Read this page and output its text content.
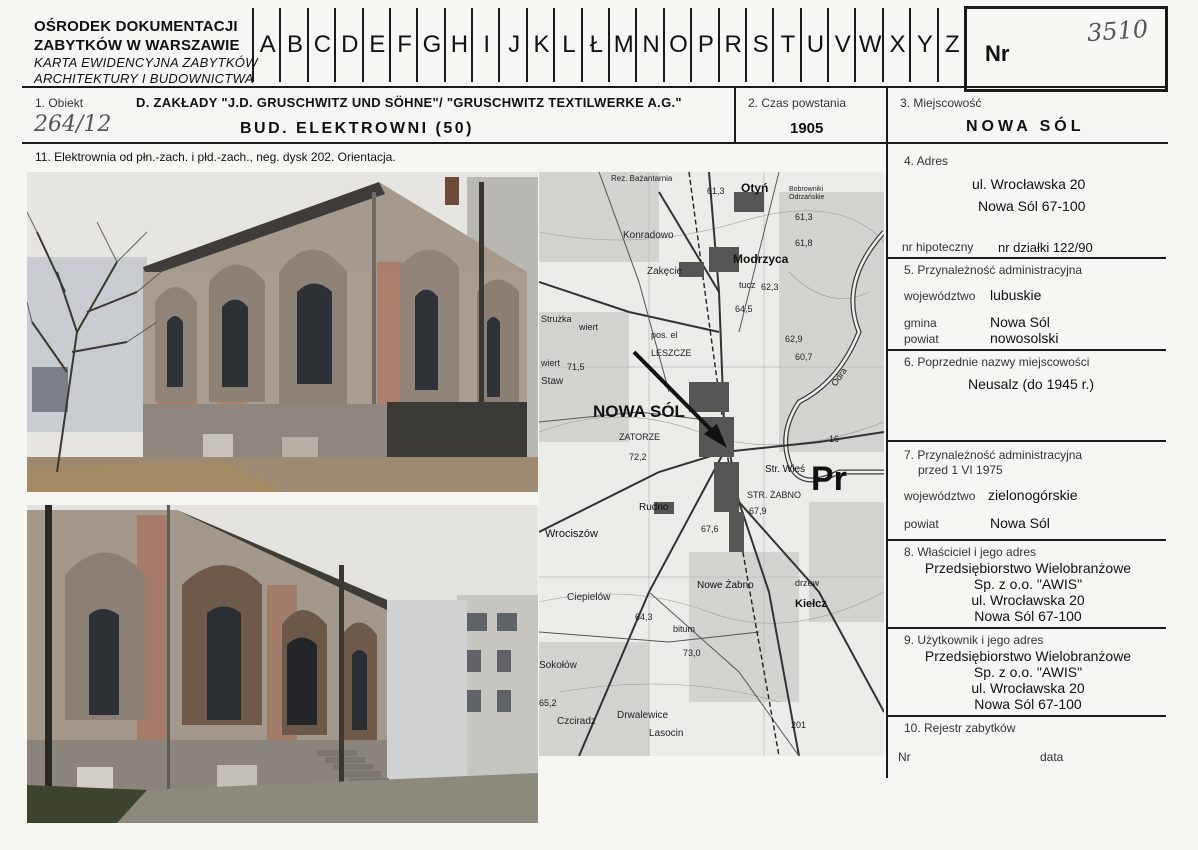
OŚRODEK DOKUMENTACJI
ZABYTKÓW W WARSZAWIE
KARTA EWIDENCYJNA ZABYTKÓW
ARCHITEKTURY I BUDOWNICTWA
A B C D E F G H I J K L Ł M N O P R S T U V W X Y Z Nr
3510
1. Obiekt
264/12
D. ZAKŁADY "J.D. GRUSCHWITZ UND SÖHNE"/ "GRUSCHWITZ TEXTILWERKE A.G."
BUD. ELEKTROWNI (50)
2. Czas powstania
1905
3. Miejscowość
NOWA SÓL
11. Elektrownia od płn.-zach. i płd.-zach., neg. dysk 202. Orientacja.
Rez. Bażantarnia
Otyń	Bobrowniki Odrzańskie
61,3
61,3
Konradowo
61,8
Modrzyca
Zakęcie
62,3
tucz
64,5
Strużka
wiert
pos. el	62,9
LESZCZE
wiert 71,5
60,7
Staw	Odra
NOWA SÓL
ZATORZE	16
72,2
Str. Wieś Pr
STR. ŻABNO
67,9
Rudno
Wrociszów	67,6
Nowe Żabno	drzew
Kiełcz
Ciepielów
64,3
bitum
73,0
Sokołów
65,2
Czciradz
Drwalewice
Lasocin
201
4. Adres
ul. Wrocławska 20
Nowa Sól 67-100
nr hipoteczny nr działki 122/90
5. Przynależność administracyjna
województwo lubuskie
gmina	Nowa Sól
powiat	nowosolski
6. Poprzednie nazwy miejscowości
Neusalz (do 1945 r.)
7. Przynależność administracyjna
przed 1 VI 1975
województwo zielonogórskie
powiat	Nowa Sól
8. Właściciel i jego adres
Przedsiębiorstwo Wielobranżowe
Sp. z o.o. "AWIS"
ul. Wrocławska 20
Nowa Sól 67-100
9. Użytkownik i jego adres
Przedsiębiorstwo Wielobranżowe
Sp. z o.o. "AWIS"
ul. Wrocławska 20
Nowa Sól 67-100
10. Rejestr zabytków
Nr	data
